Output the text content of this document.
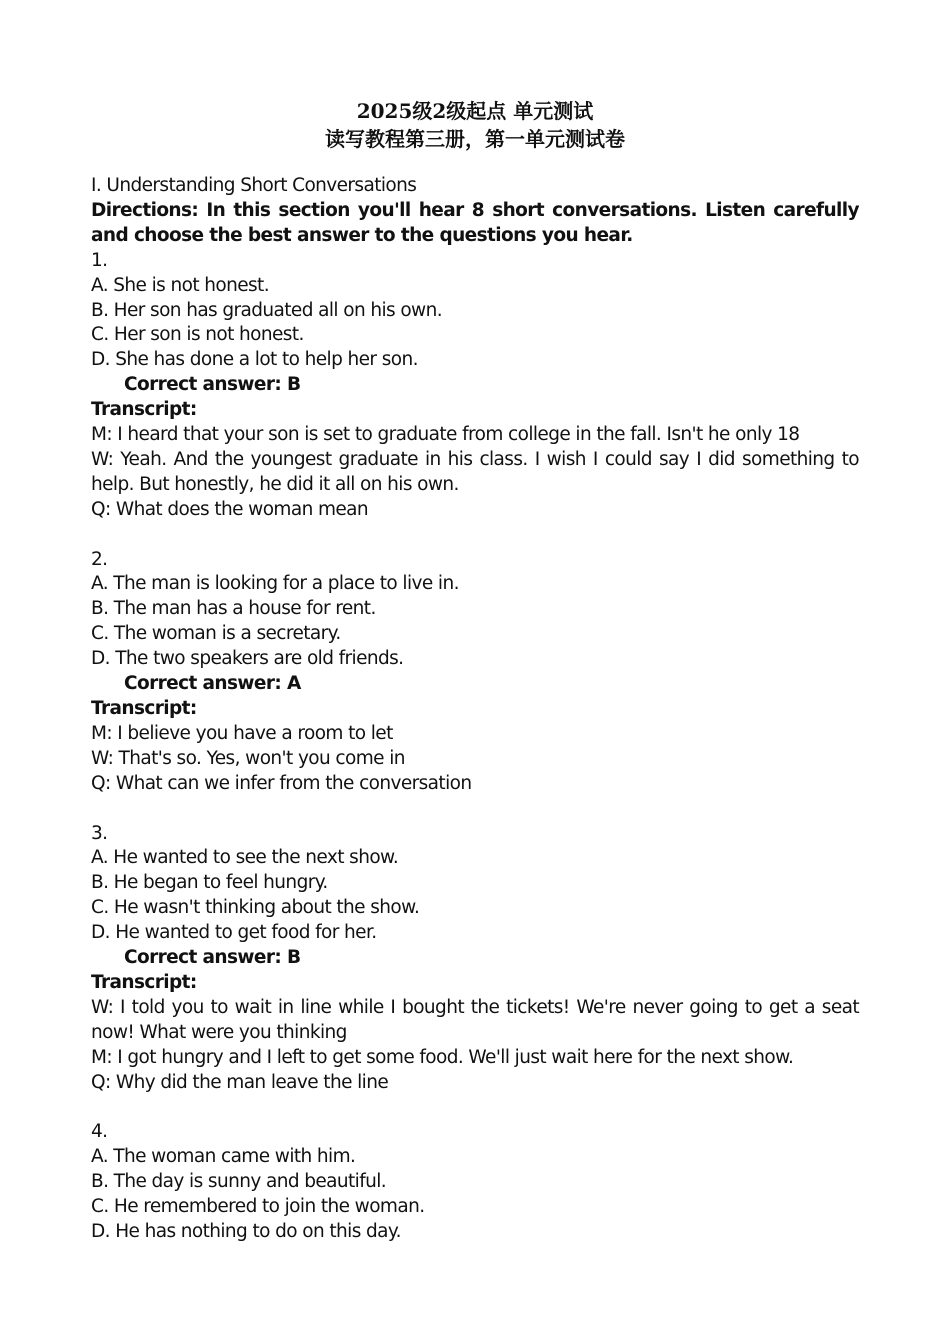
2025级2级起点 单元测试
读写教程第三册，第一单元测试卷
I. Understanding Short Conversations
Directions: In this section you'll hear 8 short conversations. Listen carefully and choose the best answer to the questions you hear.
1.
A. She is not honest.
B. Her son has graduated all on his own.
C. Her son is not honest.
D. She has done a lot to help her son.
Correct answer: B
Transcript:
M: I heard that your son is set to graduate from college in the fall. Isn't he only 18
W: Yeah. And the youngest graduate in his class. I wish I could say I did something to help. But honestly, he did it all on his own.
Q: What does the woman mean
2.
A. The man is looking for a place to live in.
B. The man has a house for rent.
C. The woman is a secretary.
D. The two speakers are old friends.
Correct answer: A
Transcript:
M: I believe you have a room to let
W: That's so. Yes, won't you come in
Q: What can we infer from the conversation
3.
A. He wanted to see the next show.
B. He began to feel hungry.
C. He wasn't thinking about the show.
D. He wanted to get food for her.
Correct answer: B
Transcript:
W: I told you to wait in line while I bought the tickets! We're never going to get a seat now! What were you thinking
M: I got hungry and I left to get some food. We'll just wait here for the next show.
Q: Why did the man leave the line
4.
A. The woman came with him.
B. The day is sunny and beautiful.
C. He remembered to join the woman.
D. He has nothing to do on this day.
